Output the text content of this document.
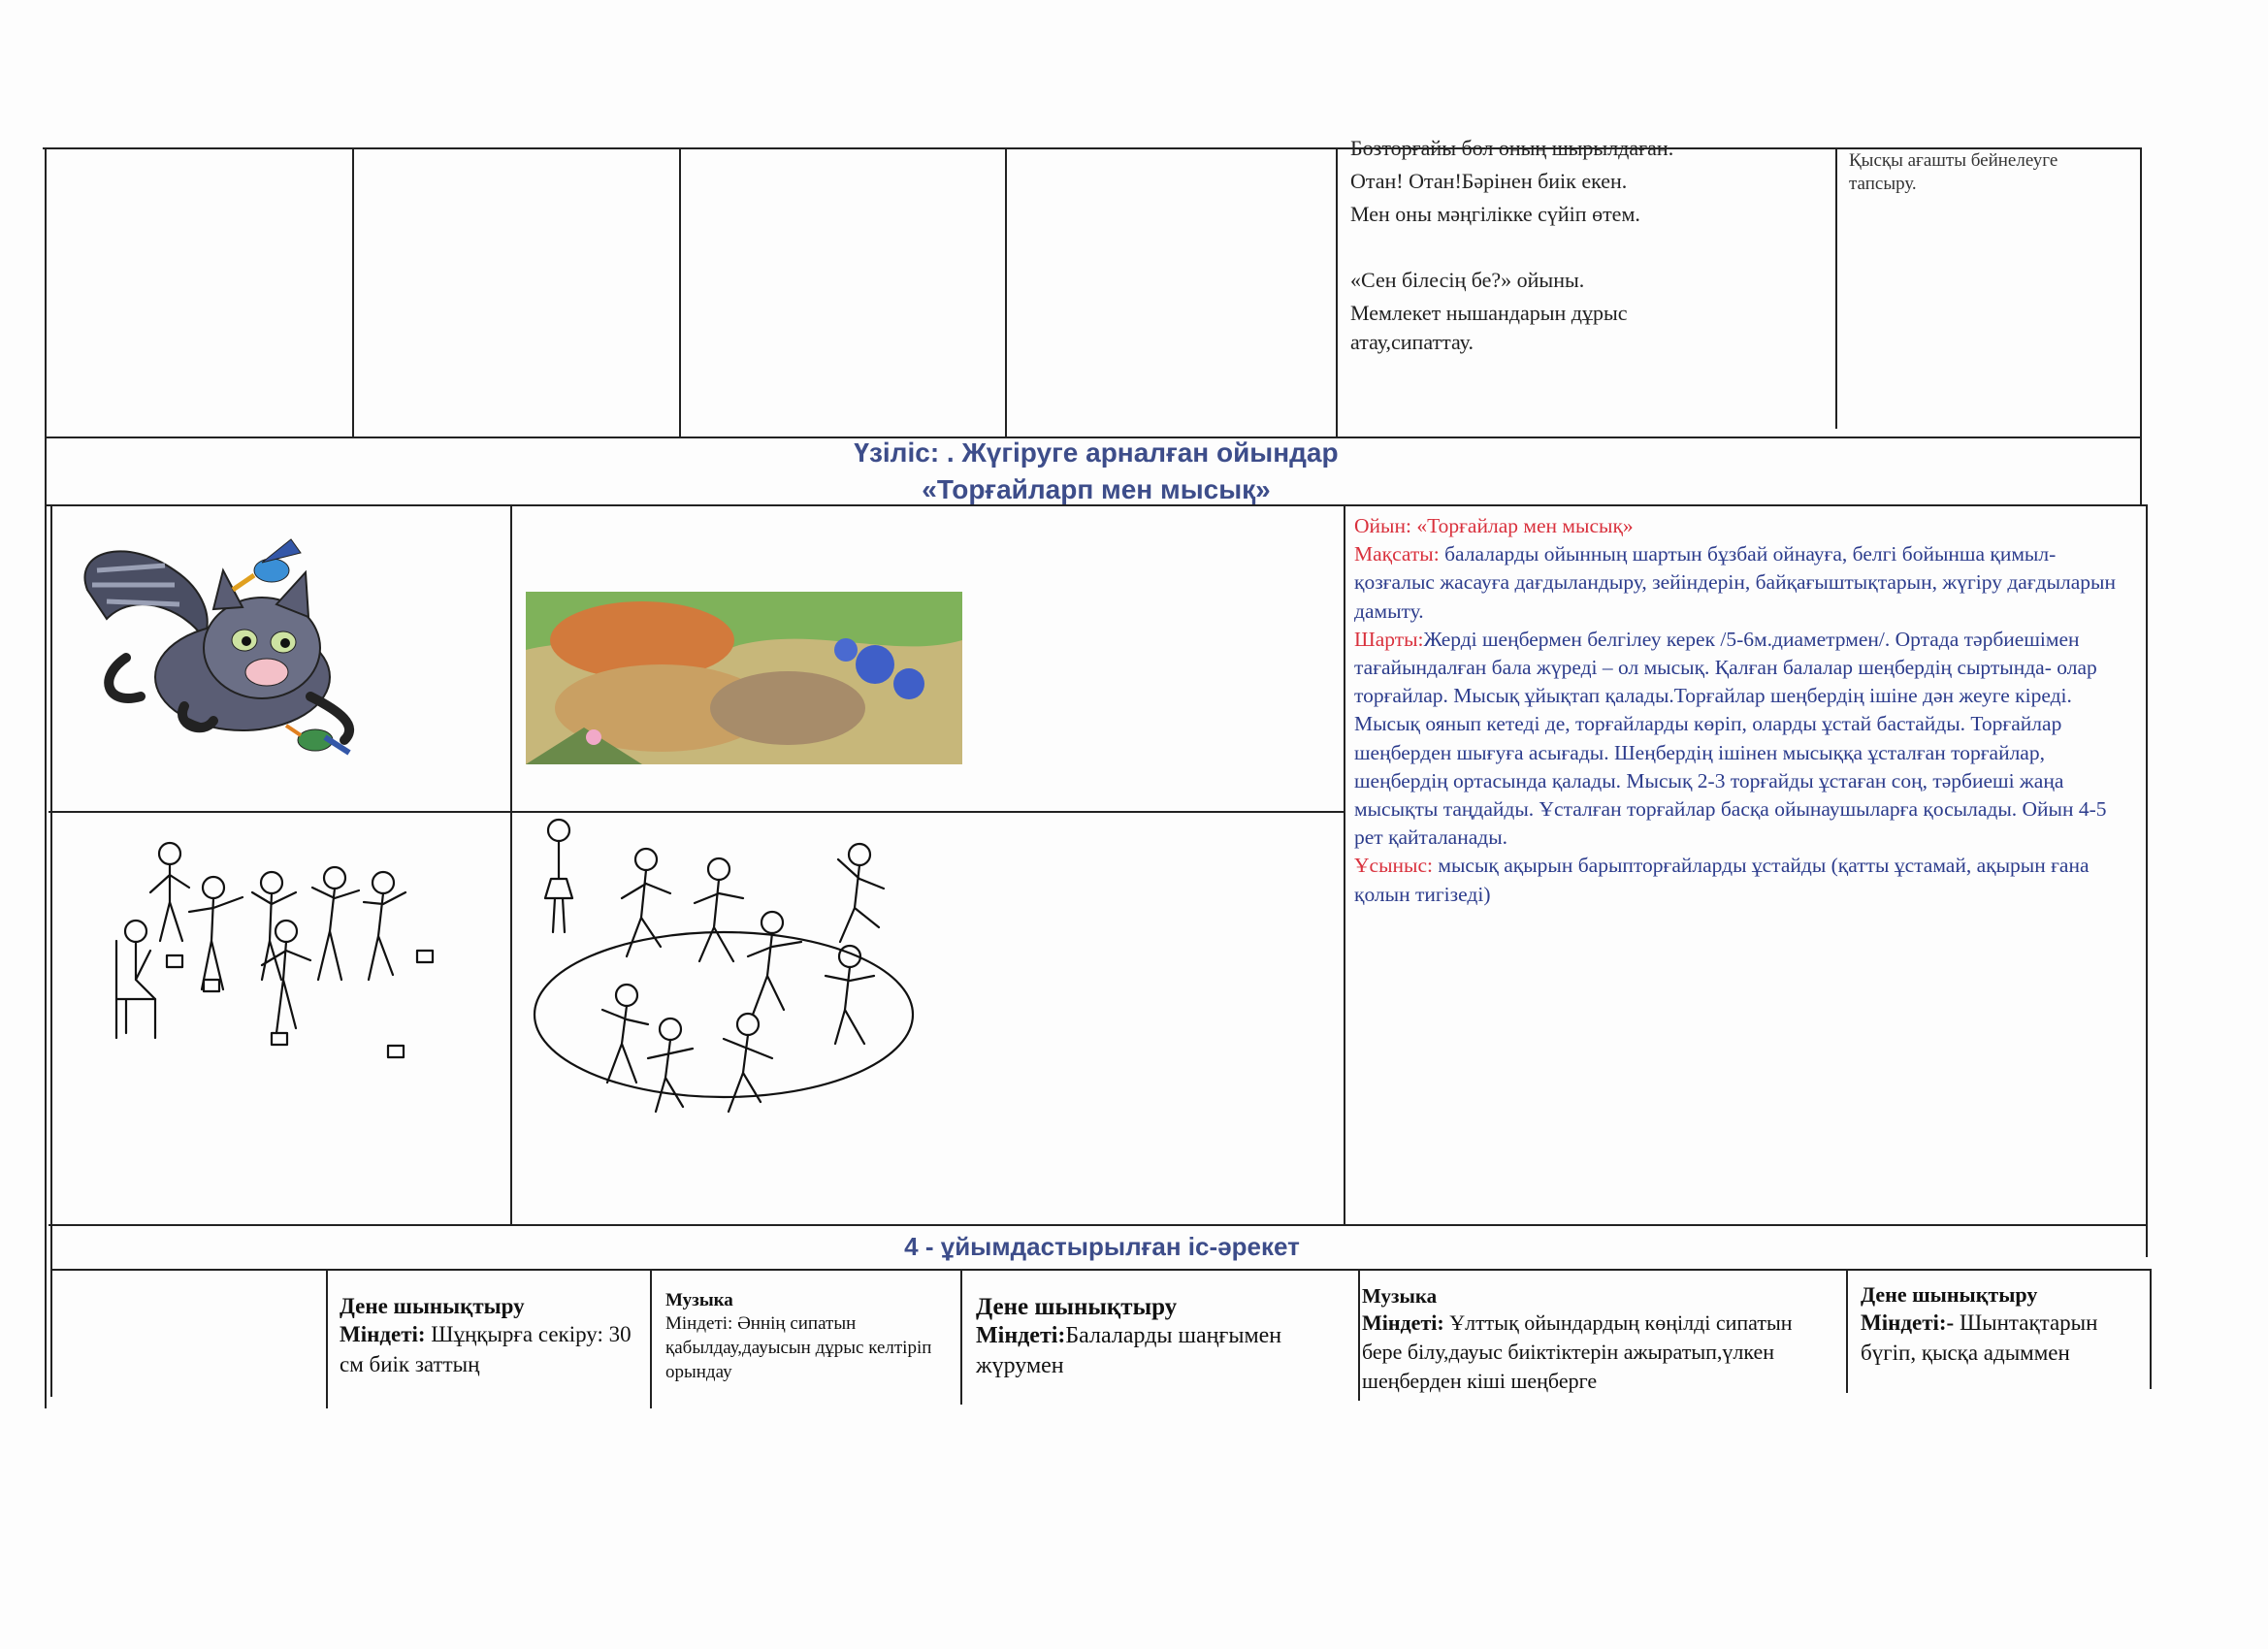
Бозторғайы бол оның шырылдаған.
Отан! Отан!Бәрінен биік екен.
Мен оны мәңгілікке сүйіп өтем.
«Сен білесің бе?» ойыны.
Мемлекет нышандарын дұрыс
атау,сипаттау.
Қысқы ағашты бейнелеуге
тапсыру.
Үзіліс: . Жүгіруге арналған ойындар
«Торғайларп мен мысық»
Ойын: «Торғайлар мен мысық»
Мақсаты: балаларды ойынның шартын бұзбай ойнауға, белгі бойынша қимыл-қозғалыс жасауға дағдыландыру, зейіндерін, байқағыштықтарын, жүгіру дағдыларын дамыту.
Шарты:Жерді шеңбермен белгілеу керек /5-6м.диаметрмен/. Ортада тәрбиешімен тағайындалған бала жүреді – ол мысық. Қалған балалар шеңбердің сыртында- олар торғайлар. Мысық ұйықтап қалады.Торғайлар шеңбердің ішіне дән жеуге кіреді. Мысық оянып кетеді де, торғайларды көріп, оларды ұстай бастайды. Торғайлар шеңберден шығуға асығады. Шеңбердің ішінен мысыққа ұсталған торғайлар, шеңбердің ортасында қалады. Мысық 2-3 торғайды ұстаған соң, тәрбиеші жаңа мысықты таңдайды. Ұсталған торғайлар басқа ойынаушыларға қосылады. Ойын 4-5 рет қайталанады.
Ұсыныс: мысық ақырын барыпторғайларды ұстайды (қатты ұстамай, ақырын ғана қолын тигізеді)
4 - ұйымдастырылған іс-әрекет
Дене шынықтыру
Міндеті: Шұңқырға секіру: 30 см биік заттың
Музыка
Міндеті: Әннің сипатын қабылдау,дауысын дұрыс келтіріп орындау
Дене шынықтыру
Міндеті:Балаларды шаңғымен жүрумен
Музыка
Міндеті: Ұлттық ойындардың көңілді сипатын бере білу,дауыс биіктіктерін ажыратып,үлкен шеңберден кіші шеңберге
Дене шынықтыру
Міндеті:- Шынтақтарын бүгіп, қысқа адыммен
